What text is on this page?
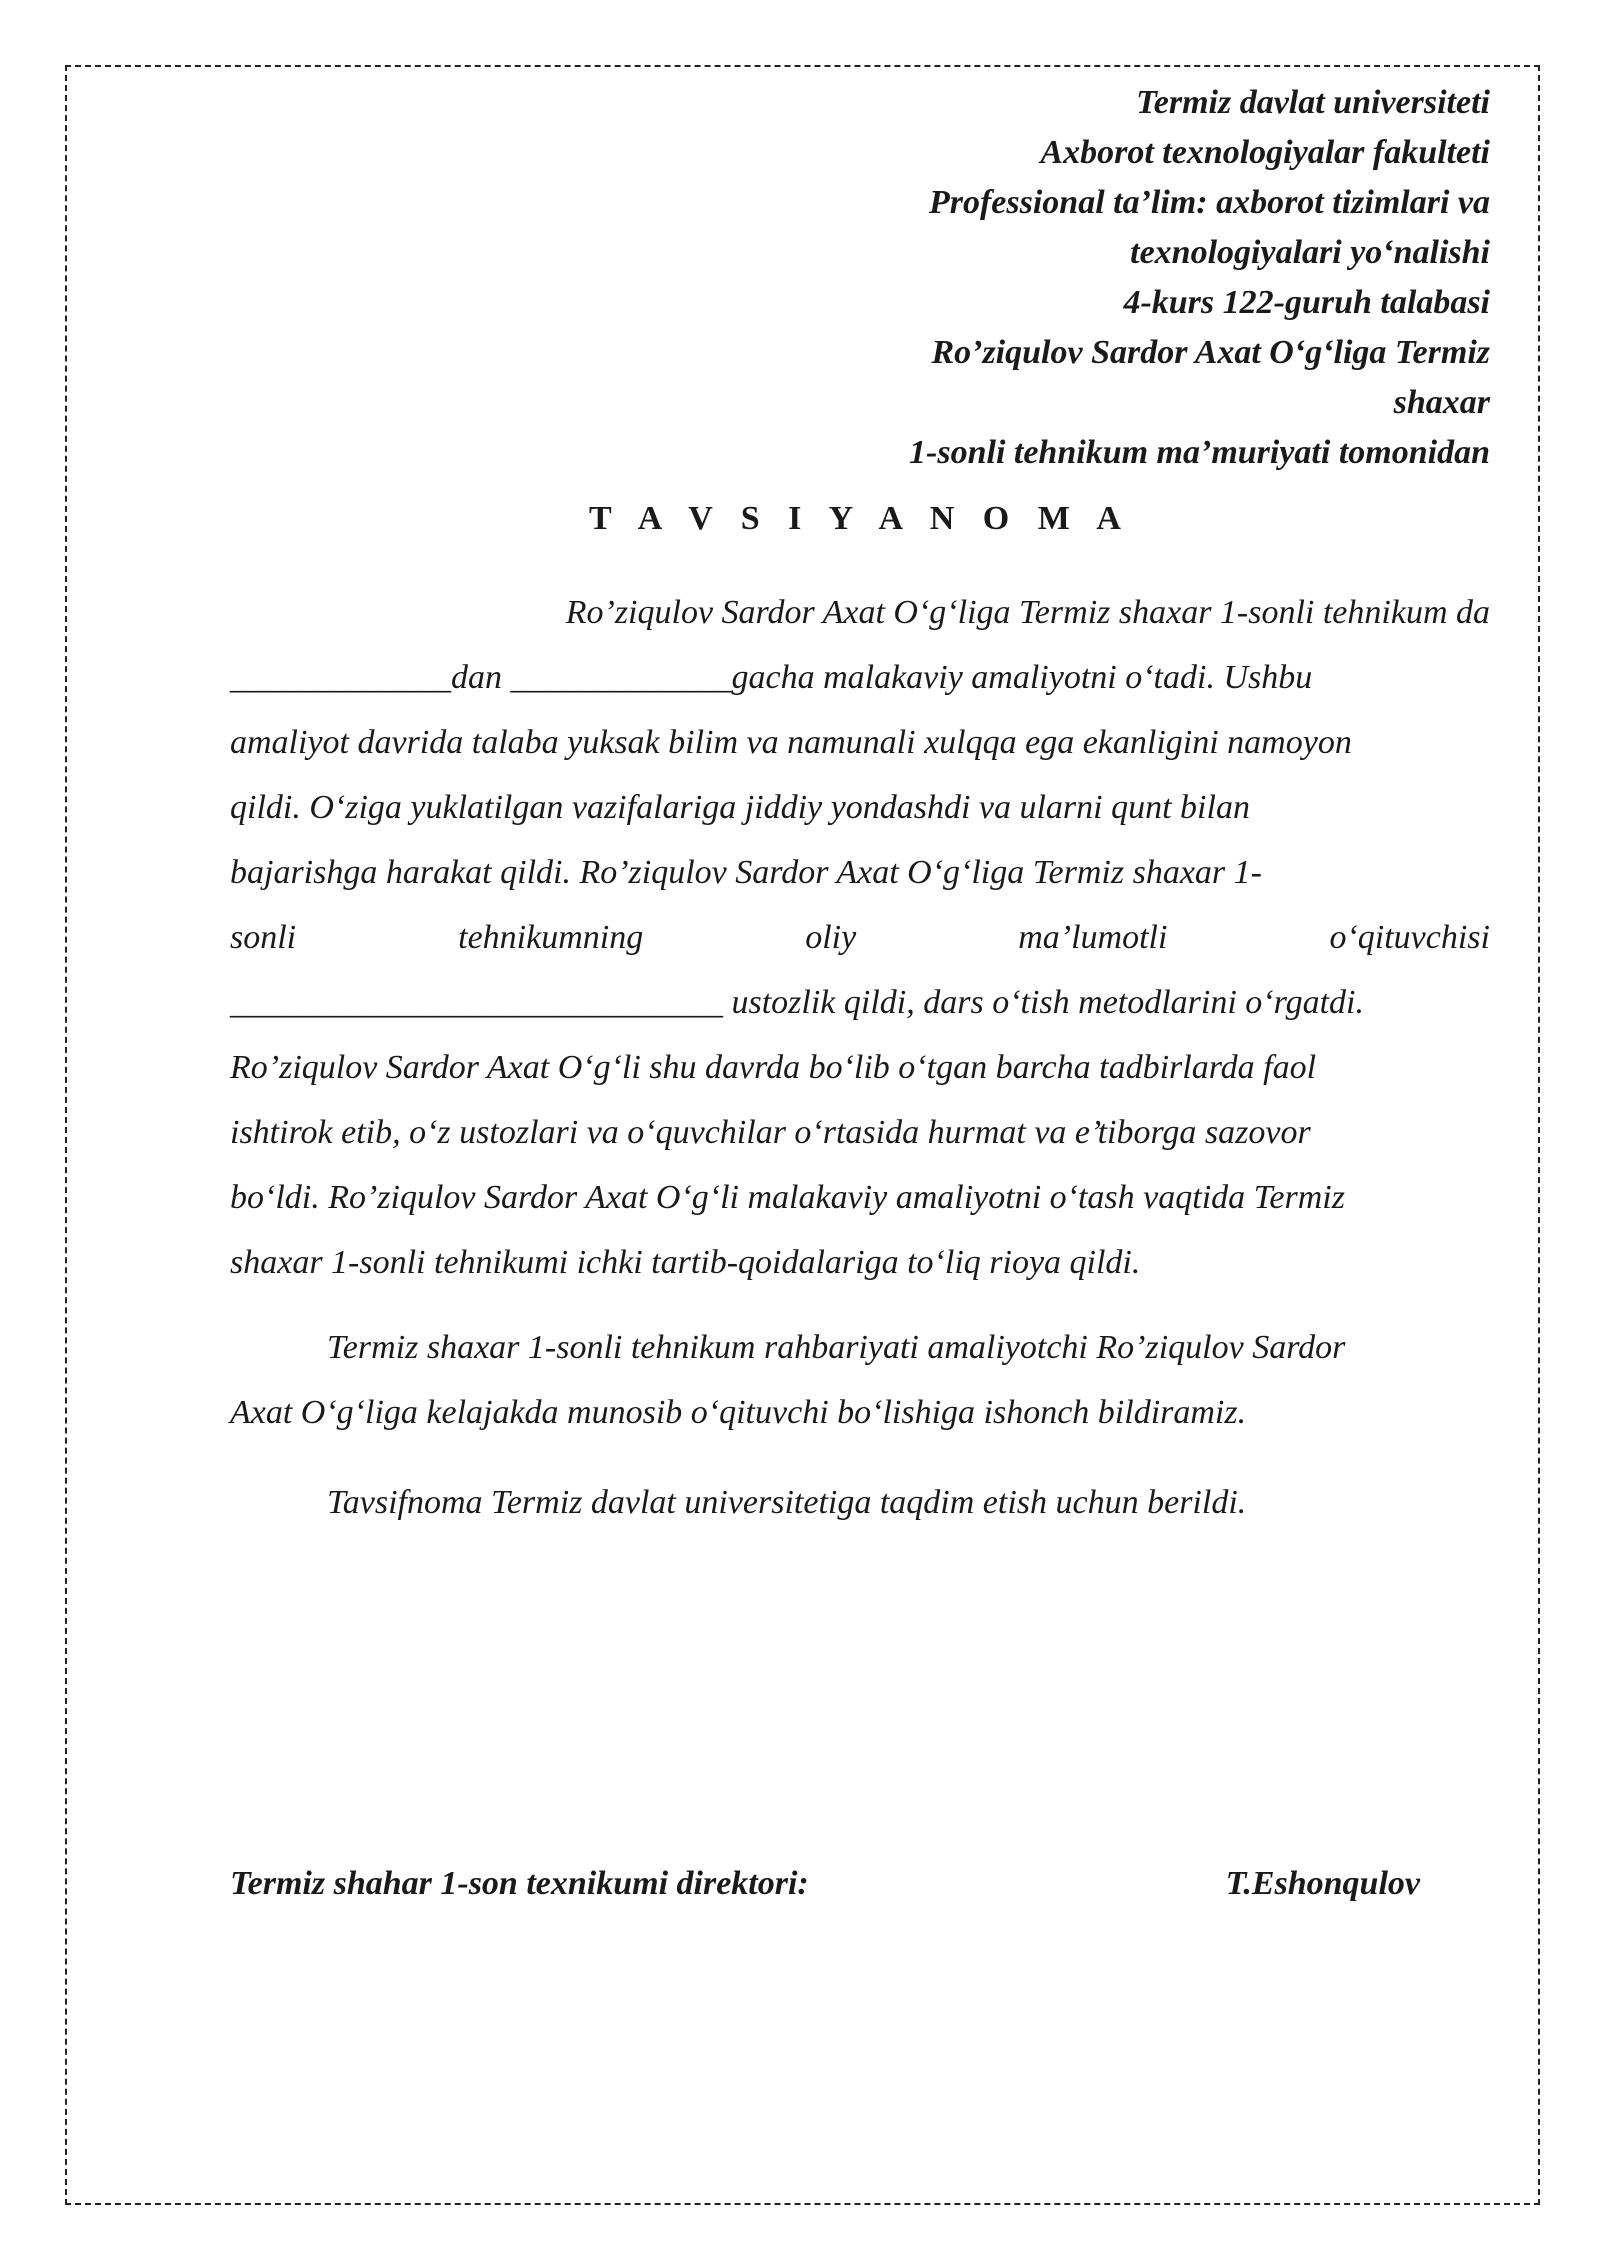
Termiz davlat universiteti
Axborot texnologiyalar fakulteti
Professional ta’lim: axborot tizimlari va
texnologiyalari yo‘nalishi
4-kurs 122-guruh talabasi
Ro’ziqulov Sardor Axat O‘g‘liga Termiz
shaxar
1-sonli tehnikum ma’muriyati tomonidan
T A V S I Y A N O M A
Ro’ziqulov Sardor Axat O‘g‘liga Termiz shaxar 1-sonli tehnikum da
_____________dan _____________gacha malakaviy amaliyotni o‘tadi. Ushbu
amaliyot davrida talaba yuksak bilim va namunali xulqqa ega ekanligini namoyon
qildi. O‘ziga yuklatilgan vazifalariga jiddiy yondashdi va ularni qunt bilan
bajarishga harakat qildi. Ro’ziqulov Sardor Axat O‘g‘liga Termiz shaxar 1-
sonli	tehnikumning	oliy	ma’lumotli	o‘qituvchisi
_____________________________ ustozlik qildi, dars o‘tish metodlarini o‘rgatdi.
Ro’ziqulov Sardor Axat O‘g‘li shu davrda bo‘lib o‘tgan barcha tadbirlarda faol
ishtirok etib, o‘z ustozlari va o‘quvchilar o‘rtasida hurmat va e’tiborga sazovor
bo‘ldi. Ro’ziqulov Sardor Axat O‘g‘li malakaviy amaliyotni o‘tash vaqtida Termiz
shaxar 1-sonli tehnikumi ichki tartib-qoidalariga to‘liq rioya qildi.
Termiz shaxar 1-sonli tehnikum rahbariyati amaliyotchi Ro’ziqulov Sardor
Axat O‘g‘liga kelajakda munosib o‘qituvchi bo‘lishiga ishonch bildiramiz.
Tavsifnoma Termiz davlat universitetiga taqdim etish uchun berildi.
Termiz shahar 1-son texnikumi direktori:	T.Eshonqulov
